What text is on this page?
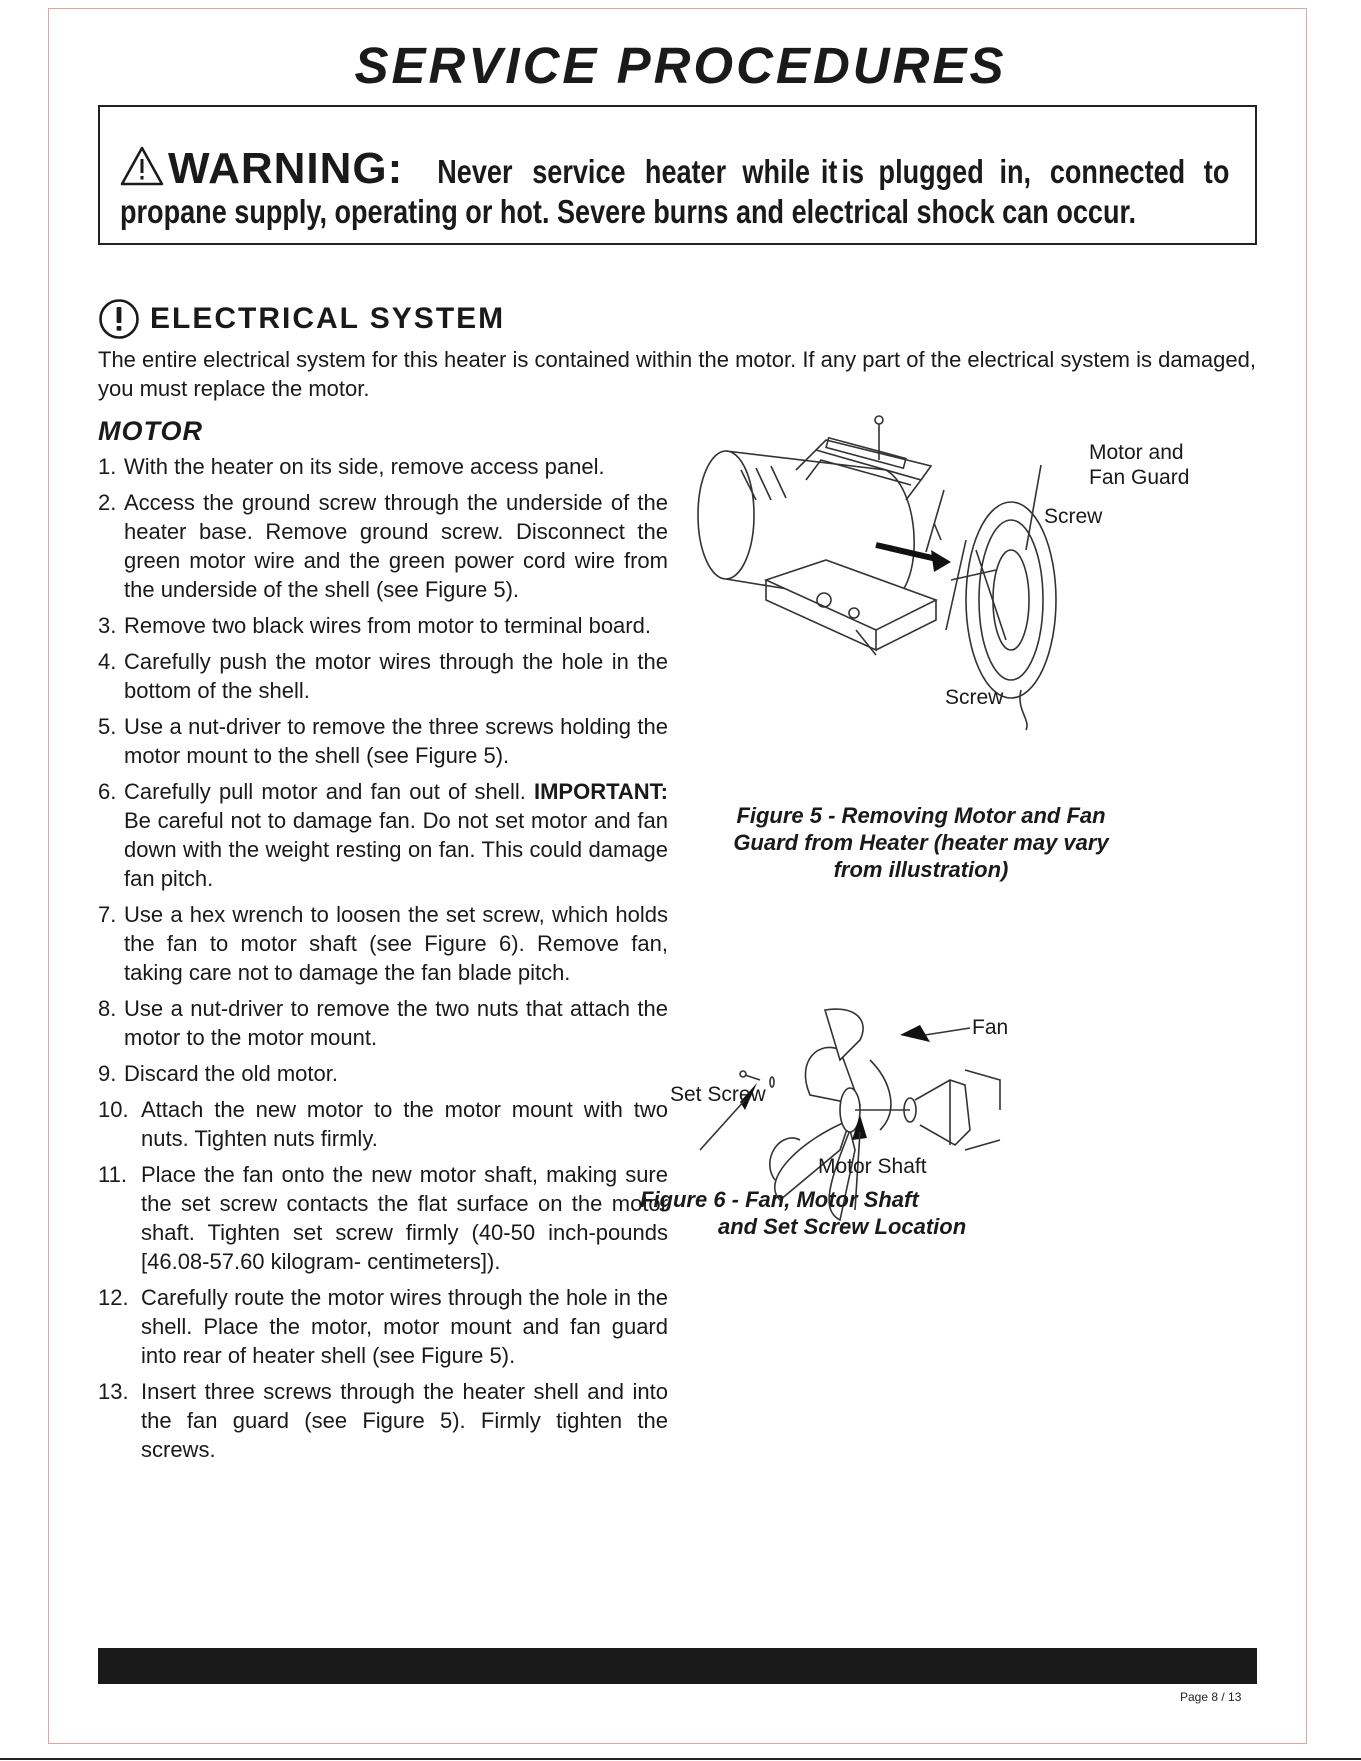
SERVICE PROCEDURES
WARNING: Never service heater while it is plugged in, connected to
propane supply, operating or hot. Severe burns and electrical shock can occur.
ELECTRICAL SYSTEM

The entire electrical system for this heater is contained within the motor. If any part of the electrical system is damaged, you must replace the motor.

MOTOR
1. With the heater on its side, remove access panel.
2. Access the ground screw through the underside of the heater base. Remove ground screw. Disconnect the green motor wire and the green power cord wire from the underside of the shell (see Figure 5).
3. Remove two black wires from motor to terminal board.
4. Carefully push the motor wires through the hole in the bottom of the shell.
5. Use a nut-driver to remove the three screws holding the motor mount to the shell (see Figure 5).
6. Carefully pull motor and fan out of shell. IMPORTANT: Be careful not to damage fan. Do not set motor and fan down with the weight resting on fan. This could damage fan pitch.
7. Use a hex wrench to loosen the set screw, which holds the fan to motor shaft (see Figure 6). Remove fan, taking care not to damage the fan blade pitch.
8. Use a nut-driver to remove the two nuts that attach the motor to the motor mount.
9. Discard the old motor.
10. Attach the new motor to the motor mount with two nuts. Tighten nuts firmly.
11. Place the fan onto the new motor shaft, making sure the set screw contacts the flat surface on the motor shaft. Tighten set screw firmly (40-50 inch-pounds [46.08-57.60 kilogram- centimeters]).
12. Carefully route the motor wires through the hole in the shell. Place the motor, motor mount and fan guard into rear of heater shell (see Figure 5).
13. Insert three screws through the heater shell and into the fan guard (see Figure 5). Firmly tighten the screws.
Motor and
Fan Guard
Screw
Screw
Figure 5 - Removing Motor and Fan
Guard from Heater (heater may vary
from illustration)
Fan
Set Screw
Motor Shaft
Figure 6 - Fan, Motor Shaft
and Set Screw Location
Page 8 / 13
